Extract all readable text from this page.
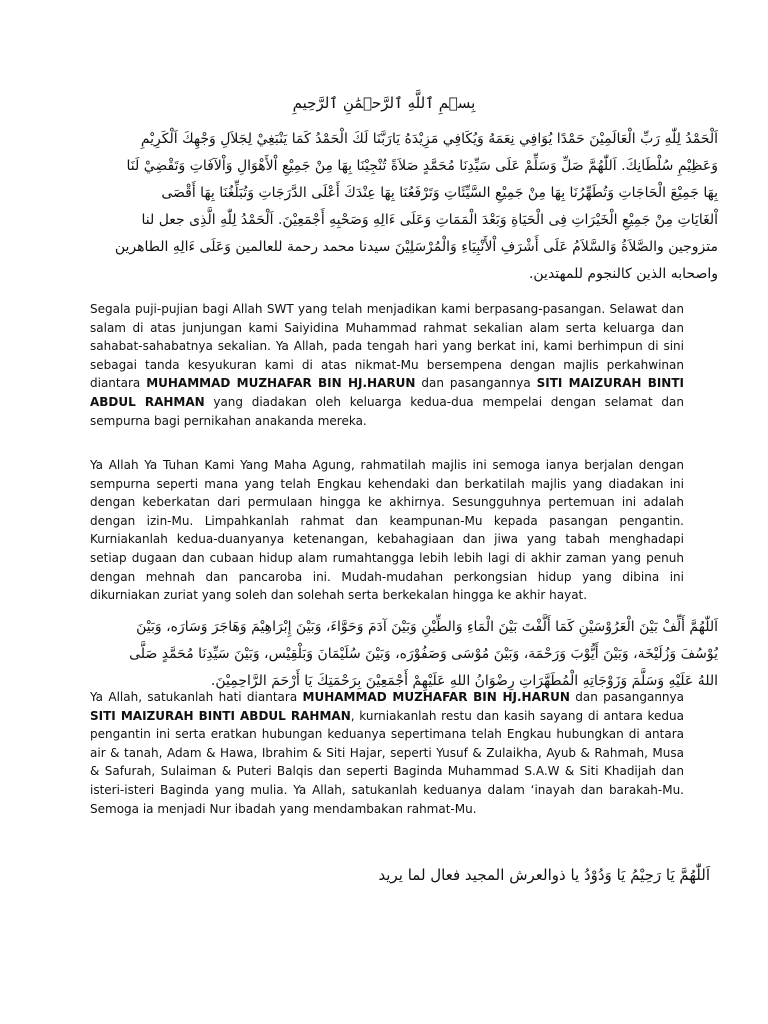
بِسۡمِ ٱللَّهِ ٱلرَّحۡمَٰنِ ٱلرَّحِيمِ
اَلْحَمْدُ لِلّٰهِ رَبِّ الْعَالَمِيْنَ حَمْدًا يُوَافِي نِعَمَهُ وَيُكَافِي مَزِيْدَهُ يَارَبَّنَا لَكَ الْحَمْدُ كَمَا يَنْبَغِيْ لِجَلاَلِ وَجْهِكَ اَلْكَرِيْمِ
وَعَظِيْمِ سُلْطَانِكَ. اَللّٰهُمَّ صَلِّ وَسَلِّمْ عَلَى سَيِّدِنَا مُحَمَّدٍ صَلاَةً تُنْجِيْنَا بِهَا مِنْ جَمِيْعِ اْلأَهْوَالِ وَاْلآفَاتِ وَتَقْضِيْ لَنَا
بِهَا جَمِيْعَ الْحَاجَاتِ وَتُطَهِّرُنَا بِهَا مِنْ جَمِيْعِ السَّيِّئَاتِ وَتَرْفَعُنَا بِهَا عِنْدَكَ أَعْلَى الدَّرَجَاتِ وَتُبَلِّغُنَا بِهَا أَقْصَى
اْلغَايَاتِ مِنْ جَمِيْعِ الْخَيْرَاتِ فِى الْحَيَاةِ وَبَعْدَ الْمَمَاتِ وَعَلَى ءَالِهِ وَصَحْبِهِ أَجْمَعِيْنَ. اَلْحَمْدُ لِلّٰهِ الَّذِى جعل لنا
متزوجين والصَّلاَةُ وَالسَّلاَمُ عَلَى أَشْرَفِ اْلأَنْبِيَاءِ وَالْمُرْسَلِيْنَ سيدنا محمد رحمة للعالمين وَعَلَى ءَالِهِ الطاهرين
واصحابه الذين كالنجوم للمهتدين.

Segala puji-pujian bagi Allah SWT yang telah menjadikan kami berpasang-pasangan. Selawat dan salam di atas junjungan kami Saiyidina Muhammad rahmat sekalian alam serta keluarga dan sahabat-sahabatnya sekalian. Ya Allah, pada tengah hari yang berkat ini, kami berhimpun di sini sebagai tanda kesyukuran kami di atas nikmat-Mu bersempena dengan majlis perkahwinan diantara MUHAMMAD MUZHAFAR BIN HJ.HARUN dan pasangannya SITI MAIZURAH BINTI ABDUL RAHMAN yang diadakan oleh keluarga kedua-dua mempelai dengan selamat dan sempurna bagi pernikahan anakanda mereka.

Ya Allah Ya Tuhan Kami Yang Maha Agung, rahmatilah majlis ini semoga ianya berjalan dengan sempurna seperti mana yang telah Engkau kehendaki dan berkatilah majlis yang diadakan ini dengan keberkatan dari permulaan hingga ke akhirnya. Sesungguhnya pertemuan ini adalah dengan izin-Mu. Limpahkanlah rahmat dan keampunan-Mu kepada pasangan pengantin. Kurniakanlah kedua-duanyanya ketenangan, kebahagiaan dan jiwa yang tabah menghadapi setiap dugaan dan cubaan hidup alam rumahtangga lebih lebih lagi di akhir zaman yang penuh dengan mehnah dan pancaroba ini. Mudah-mudahan perkongsian hidup yang dibina ini dikurniakan zuriat yang soleh dan solehah serta berkekalan hingga ke akhir hayat.

اَللّٰهُمَّ أَلِّفْ بَيْنَ الْعَرُوْسَيْنِ كَمَا أَلَّفْتَ بَيْنَ الْمَاءِ وَالطِّيْنِ وَبَيْنَ آدَمَ وَحَوَّاءَ، وَبَيْنَ إِبْرَاهِيْمَ وَهَاجَرَ وَسَارَه، وَبَيْنَ
يُوْسُفَ وَزُلَيْخَة، وَبَيْنَ أَيُّوْبَ وَرَحْمَة، وَبَيْنَ مُوْسَى وَصَفُوْرَه، وَبَيْنَ سُلَيْمَانَ وَبَلْقِيْس، وَبَيْنَ سَيِّدِنَا مُحَمَّدٍ صَلَّى
اللهُ عَلَيْهِ وَسَلَّمَ وَزَوْجَاتِهِ الْمُطَهَّرَاتِ رِضْوَانُ اللهِ عَلَيْهِمْ أَجْمَعِيْنَ بِرَحْمَتِكَ يَا أَرْحَمَ الرَّاحِمِيْنَ.

Ya Allah, satukanlah hati diantara MUHAMMAD MUZHAFAR BIN HJ.HARUN dan pasangannya SITI MAIZURAH BINTI ABDUL RAHMAN, kurniakanlah restu dan kasih sayang di antara kedua pengantin ini serta eratkan hubungan keduanya sepertimana telah Engkau hubungkan di antara air & tanah, Adam & Hawa, Ibrahim & Siti Hajar, seperti Yusuf & Zulaikha, Ayub & Rahmah, Musa & Safurah, Sulaiman & Puteri Balqis dan seperti Baginda Muhammad S.A.W & Siti Khadijah dan isteri-isteri Baginda yang mulia. Ya Allah, satukanlah keduanya dalam ‘inayah dan barakah-Mu. Semoga ia menjadi Nur ibadah yang mendambakan rahmat-Mu.

اَللّٰهُمَّ يَا رَحِيْمُ يَا وَدُوْدُ يا ذوالعرش المجيد فعال لما يريد
